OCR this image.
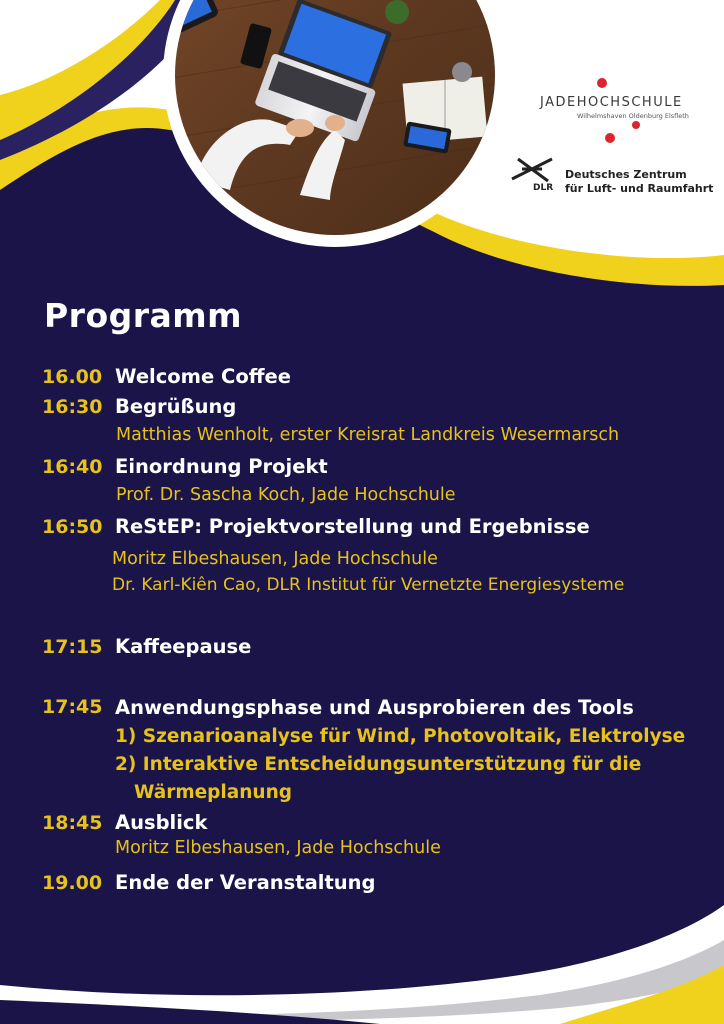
JADEHOCHSCHULE
Wilhelmshaven Oldenburg Elsfleth
DLR
Deutsches Zentrum
für Luft- und Raumfahrt
Programm
16.00 Welcome Coffee
16:30 Begrüßung
Matthias Wenholt, erster Kreisrat Landkreis Wesermarsch
16:40 Einordnung Projekt
Prof. Dr. Sascha Koch, Jade Hochschule
16:50 ReStEP: Projektvorstellung und Ergebnisse
Moritz Elbeshausen, Jade Hochschule
Dr. Karl-Kiên Cao, DLR Institut für Vernetzte Energiesysteme
17:15 Kaffeepause
17:45 Anwendungsphase und Ausprobieren des Tools
1) Szenarioanalyse für Wind, Photovoltaik, Elektrolyse
2) Interaktive Entscheidungsunterstützung für die
Wärmeplanung
18:45 Ausblick
Moritz Elbeshausen, Jade Hochschule
19.00 Ende der Veranstaltung
